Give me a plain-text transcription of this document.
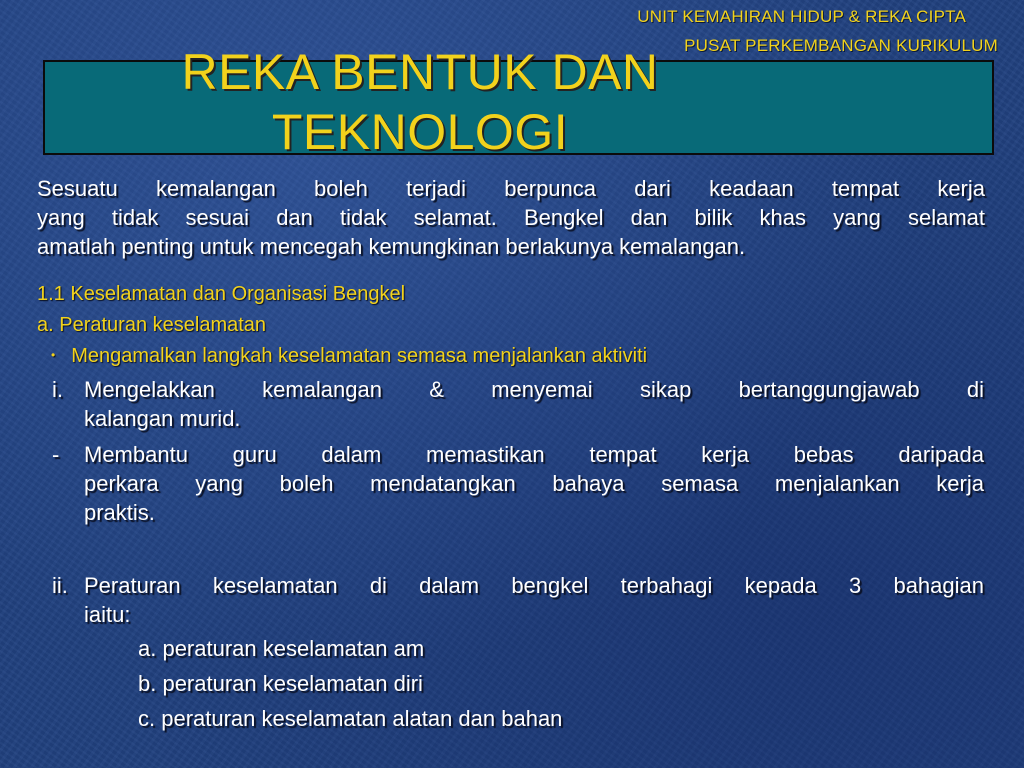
UNIT KEMAHIRAN HIDUP & REKA CIPTA
PUSAT PERKEMBANGAN KURIKULUM
REKA BENTUK DAN
TEKNOLOGI
Sesuatu kemalangan boleh terjadi berpunca dari keadaan tempat kerja
yang tidak sesuai dan tidak selamat. Bengkel dan bilik khas yang selamat
amatlah penting untuk mencegah kemungkinan berlakunya kemalangan.
1.1 Keselamatan dan Organisasi Bengkel
a. Peraturan keselamatan
• Mengamalkan langkah keselamatan semasa menjalankan aktiviti
i. Mengelakkan kemalangan & menyemai sikap bertanggungjawab di
kalangan murid.
- Membantu guru dalam memastikan tempat kerja bebas daripada
perkara yang boleh mendatangkan bahaya semasa menjalankan kerja
praktis.
ii. Peraturan keselamatan di dalam bengkel terbahagi kepada 3 bahagian
iaitu:
a. peraturan keselamatan am
b. peraturan keselamatan diri
c. peraturan keselamatan alatan dan bahan
